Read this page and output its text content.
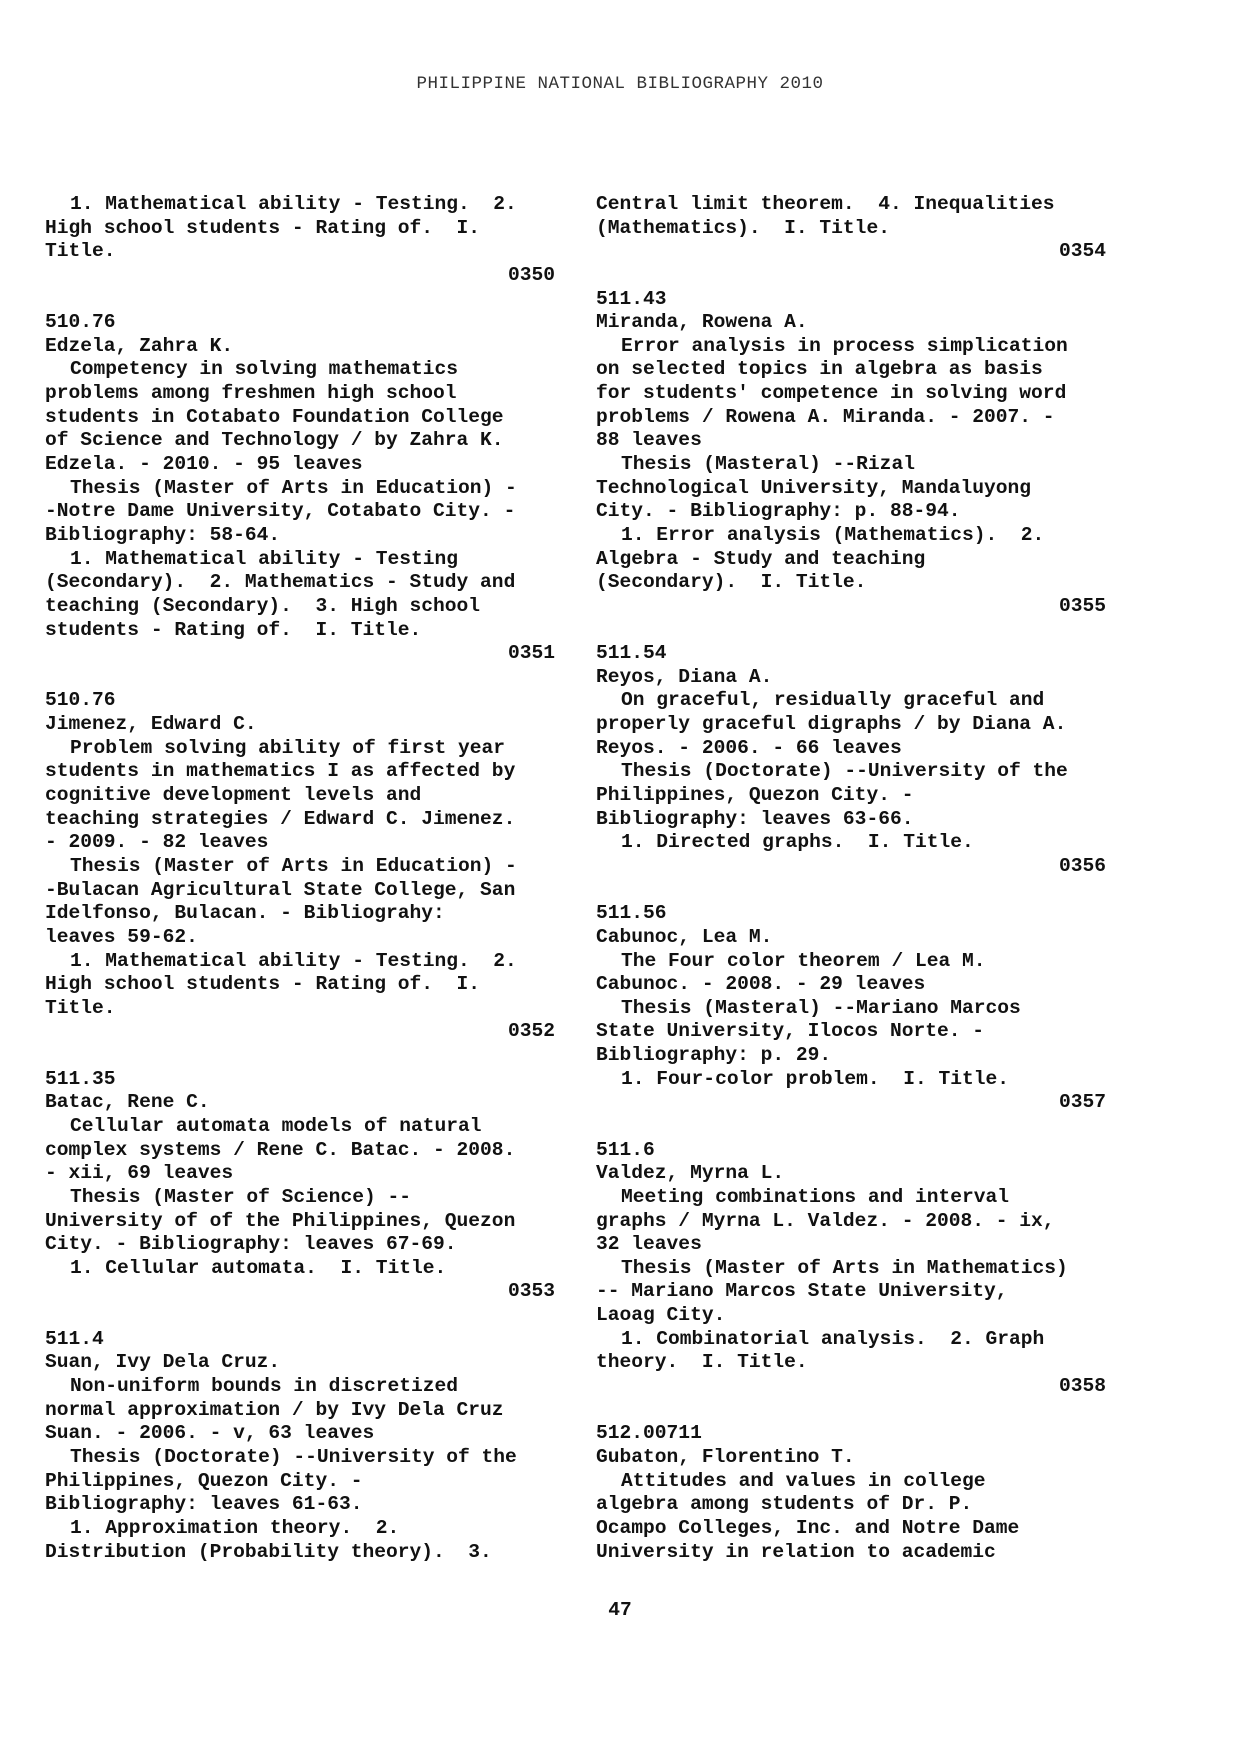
PHILIPPINE NATIONAL BIBLIOGRAPHY 2010
1. Mathematical ability - Testing.  2.
High school students - Rating of.  I.
Title.
0350
510.76
Edzela, Zahra K.
Competency in solving mathematics
problems among freshmen high school
students in Cotabato Foundation College
of Science and Technology / by Zahra K.
Edzela. - 2010. - 95 leaves
Thesis (Master of Arts in Education) -
-Notre Dame University, Cotabato City. -
Bibliography: 58-64.
1. Mathematical ability - Testing
(Secondary).  2. Mathematics - Study and
teaching (Secondary).  3. High school
students - Rating of.  I. Title.
0351
510.76
Jimenez, Edward C.
Problem solving ability of first year
students in mathematics I as affected by
cognitive development levels and
teaching strategies / Edward C. Jimenez.
- 2009. - 82 leaves
Thesis (Master of Arts in Education) -
-Bulacan Agricultural State College, San
Idelfonso, Bulacan. - Bibliograhy:
leaves 59-62.
1. Mathematical ability - Testing.  2.
High school students - Rating of.  I.
Title.
0352
511.35
Batac, Rene C.
Cellular automata models of natural
complex systems / Rene C. Batac. - 2008.
- xii, 69 leaves
Thesis (Master of Science) --
University of of the Philippines, Quezon
City. - Bibliography: leaves 67-69.
1. Cellular automata.  I. Title.
0353
511.4
Suan, Ivy Dela Cruz.
Non-uniform bounds in discretized
normal approximation / by Ivy Dela Cruz
Suan. - 2006. - v, 63 leaves
Thesis (Doctorate) --University of the
Philippines, Quezon City. -
Bibliography: leaves 61-63.
1. Approximation theory.  2.
Distribution (Probability theory).  3.
Central limit theorem.  4. Inequalities
(Mathematics).  I. Title.
0354
511.43
Miranda, Rowena A.
Error analysis in process simplication
on selected topics in algebra as basis
for students' competence in solving word
problems / Rowena A. Miranda. - 2007. -
88 leaves
Thesis (Masteral) --Rizal
Technological University, Mandaluyong
City. - Bibliography: p. 88-94.
1. Error analysis (Mathematics).  2.
Algebra - Study and teaching
(Secondary).  I. Title.
0355
511.54
Reyos, Diana A.
On graceful, residually graceful and
properly graceful digraphs / by Diana A.
Reyos. - 2006. - 66 leaves
Thesis (Doctorate) --University of the
Philippines, Quezon City. -
Bibliography: leaves 63-66.
1. Directed graphs.  I. Title.
0356
511.56
Cabunoc, Lea M.
The Four color theorem / Lea M.
Cabunoc. - 2008. - 29 leaves
Thesis (Masteral) --Mariano Marcos
State University, Ilocos Norte. -
Bibliography: p. 29.
1. Four-color problem.  I. Title.
0357
511.6
Valdez, Myrna L.
Meeting combinations and interval
graphs / Myrna L. Valdez. - 2008. - ix,
32 leaves
Thesis (Master of Arts in Mathematics)
-- Mariano Marcos State University,
Laoag City.
1. Combinatorial analysis.  2. Graph
theory.  I. Title.
0358
512.00711
Gubaton, Florentino T.
Attitudes and values in college
algebra among students of Dr. P.
Ocampo Colleges, Inc. and Notre Dame
University in relation to academic
47
